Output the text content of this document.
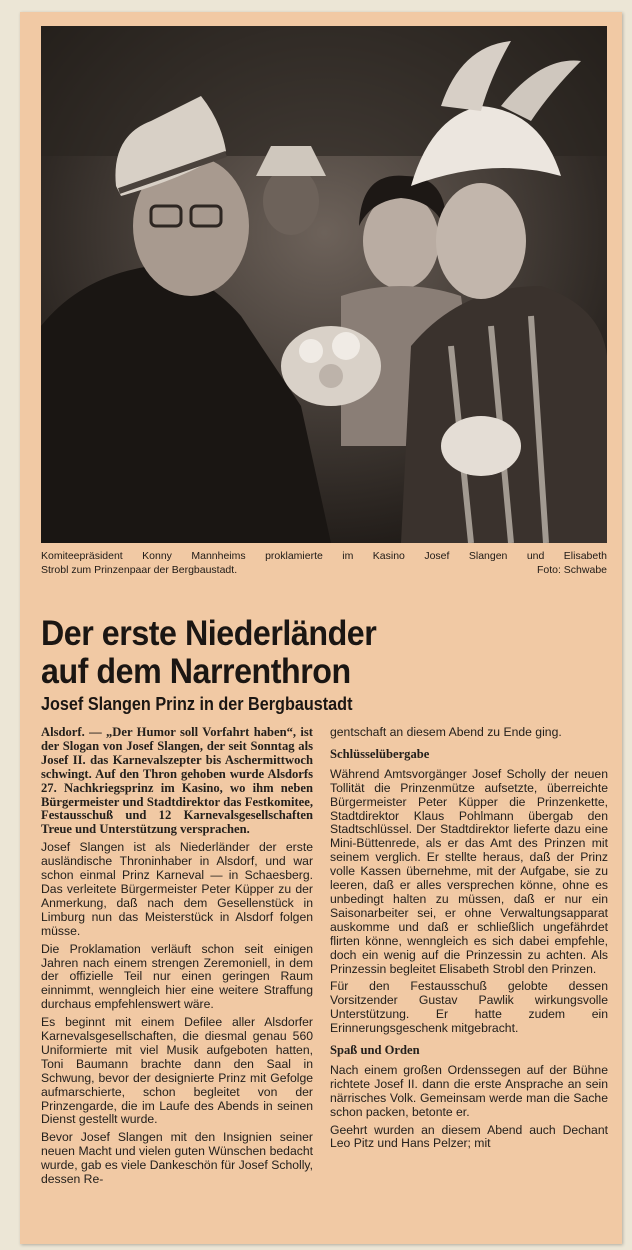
Komiteepräsident Konny Mannheims proklamierte im Kasino Josef Slangen und Elisabeth
Strobl zum Prinzenpaar der Bergbaustadt.	Foto: Schwabe
Der erste Niederländer
auf dem Narrenthron
Josef Slangen Prinz in der Bergbaustadt

Alsdorf. — „Der Humor soll Vorfahrt haben“, ist der Slogan von Josef Slangen, der seit Sonntag als Josef II. das Karnevalszepter bis Aschermittwoch schwingt. Auf den Thron gehoben wurde Alsdorfs 27. Nachkriegsprinz im Kasino, wo ihm neben Bürgermeister und Stadtdirektor das Festkomitee, Festausschuß und 12 Karnevalsgesellschaften Treue und Unterstützung versprachen.

Josef Slangen ist als Niederländer der erste ausländische Throninhaber in Alsdorf, und war schon einmal Prinz Karneval — in Schaesberg. Das verleitete Bürgermeister Peter Küpper zu der Anmerkung, daß nach dem Gesellenstück in Limburg nun das Meisterstück in Alsdorf folgen müsse.

Die Proklamation verläuft schon seit einigen Jahren nach einem strengen Zeremoniell, in dem der offizielle Teil nur einen geringen Raum einnimmt, wenngleich hier eine weitere Straffung durchaus empfehlenswert wäre.

Es beginnt mit einem Defilee aller Alsdorfer Karnevalsgesellschaften, die diesmal genau 560 Uniformierte mit viel Musik aufgeboten hatten, Toni Baumann brachte dann den Saal in Schwung, bevor der designierte Prinz mit Gefolge aufmarschierte, schon begleitet von der Prinzengarde, die im Laufe des Abends in seinen Dienst gestellt wurde.

Bevor Josef Slangen mit den Insignien seiner neuen Macht und vielen guten Wünschen bedacht wurde, gab es viele Dankeschön für Josef Scholly, dessen Re-

gentschaft an diesem Abend zu Ende ging.

Schlüsselübergabe

Während Amtsvorgänger Josef Scholly der neuen Tollität die Prinzenmütze aufsetzte, überreichte Bürgermeister Peter Küpper die Prinzenkette, Stadtdirektor Klaus Pohlmann übergab den Stadtschlüssel. Der Stadtdirektor lieferte dazu eine Mini-Büttenrede, als er das Amt des Prinzen mit seinem verglich. Er stellte heraus, daß der Prinz volle Kassen übernehme, mit der Aufgabe, sie zu leeren, daß er alles versprechen könne, ohne es unbedingt halten zu müssen, daß er nur ein Saisonarbeiter sei, er ohne Verwaltungsapparat auskomme und daß er schließlich ungefährdet flirten könne, wenngleich es sich dabei empfehle, doch ein wenig auf die Prinzessin zu achten. Als Prinzessin begleitet Elisabeth Strobl den Prinzen.

Für den Festausschuß gelobte dessen Vorsitzender Gustav Pawlik wirkungsvolle Unterstützung. Er hatte zudem ein Erinnerungsgeschenk mitgebracht.

Spaß und Orden

Nach einem großen Ordenssegen auf der Bühne richtete Josef II. dann die erste Ansprache an sein närrisches Volk. Gemeinsam werde man die Sache schon packen, betonte er.

Geehrt wurden an diesem Abend auch Dechant Leo Pitz und Hans Pelzer; mit
